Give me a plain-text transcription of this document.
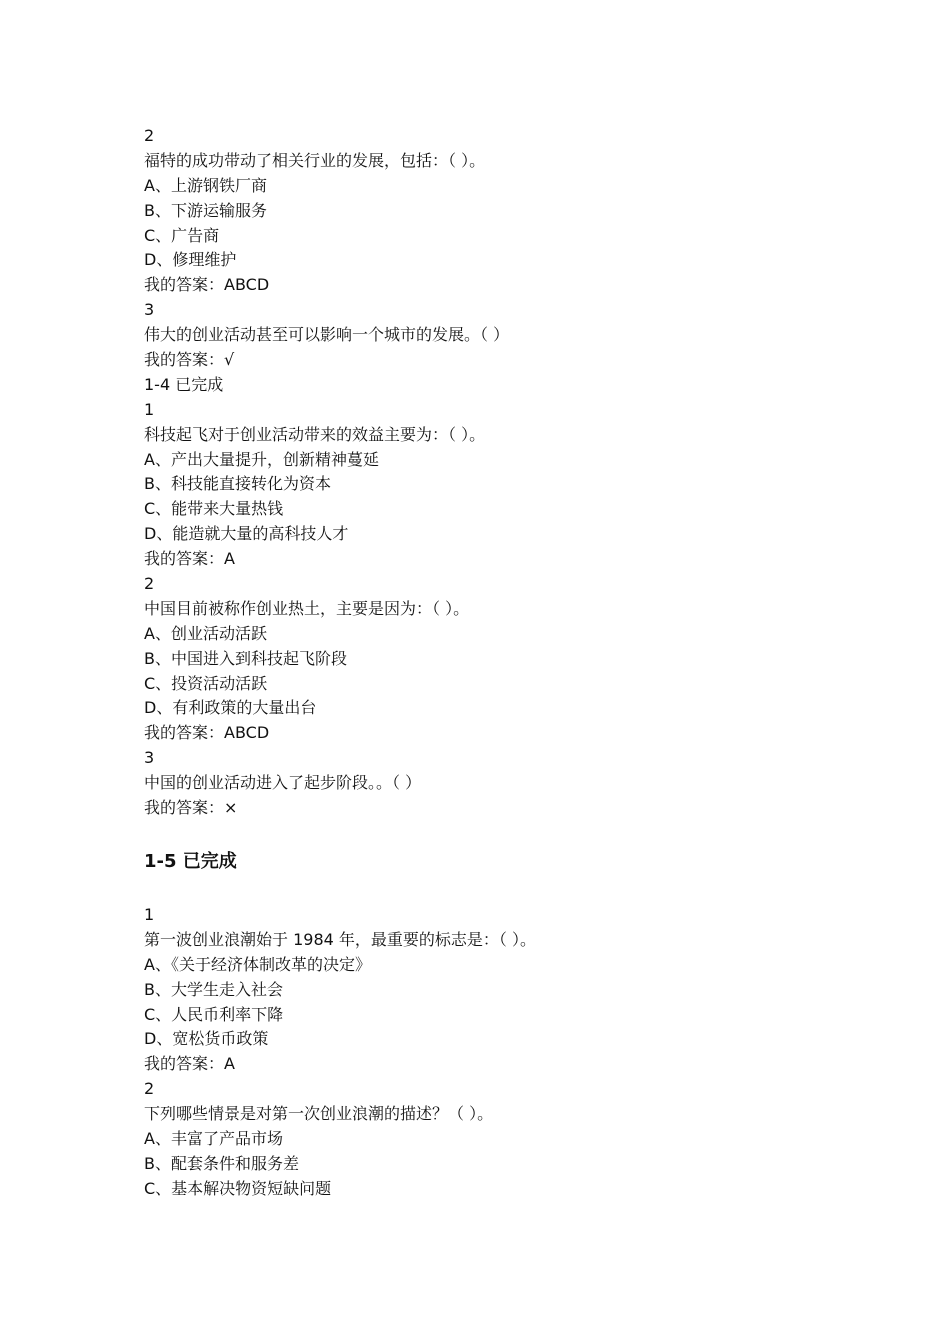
2
福特的成功带动了相关行业的发展，包括：（ ）。
A、上游钢铁厂商
B、下游运输服务
C、广告商
D、修理维护
我的答案：ABCD
3
伟大的创业活动甚至可以影响一个城市的发展。（ ）
我的答案：√
1-4 已完成
1
科技起飞对于创业活动带来的效益主要为：（ ）。
A、产出大量提升，创新精神蔓延
B、科技能直接转化为资本
C、能带来大量热钱
D、能造就大量的高科技人才
我的答案：A
2
中国目前被称作创业热土，主要是因为：（ ）。
A、创业活动活跃
B、中国进入到科技起飞阶段
C、投资活动活跃
D、有利政策的大量出台
我的答案：ABCD
3
中国的创业活动进入了起步阶段。。（ ）
我的答案：×
1-5 已完成
1
第一波创业浪潮始于 1984 年，最重要的标志是：（ ）。
A、《关于经济体制改革的决定》
B、大学生走入社会
C、人民币利率下降
D、宽松货币政策
我的答案：A
2
下列哪些情景是对第一次创业浪潮的描述？（ ）。
A、丰富了产品市场
B、配套条件和服务差
C、基本解决物资短缺问题
